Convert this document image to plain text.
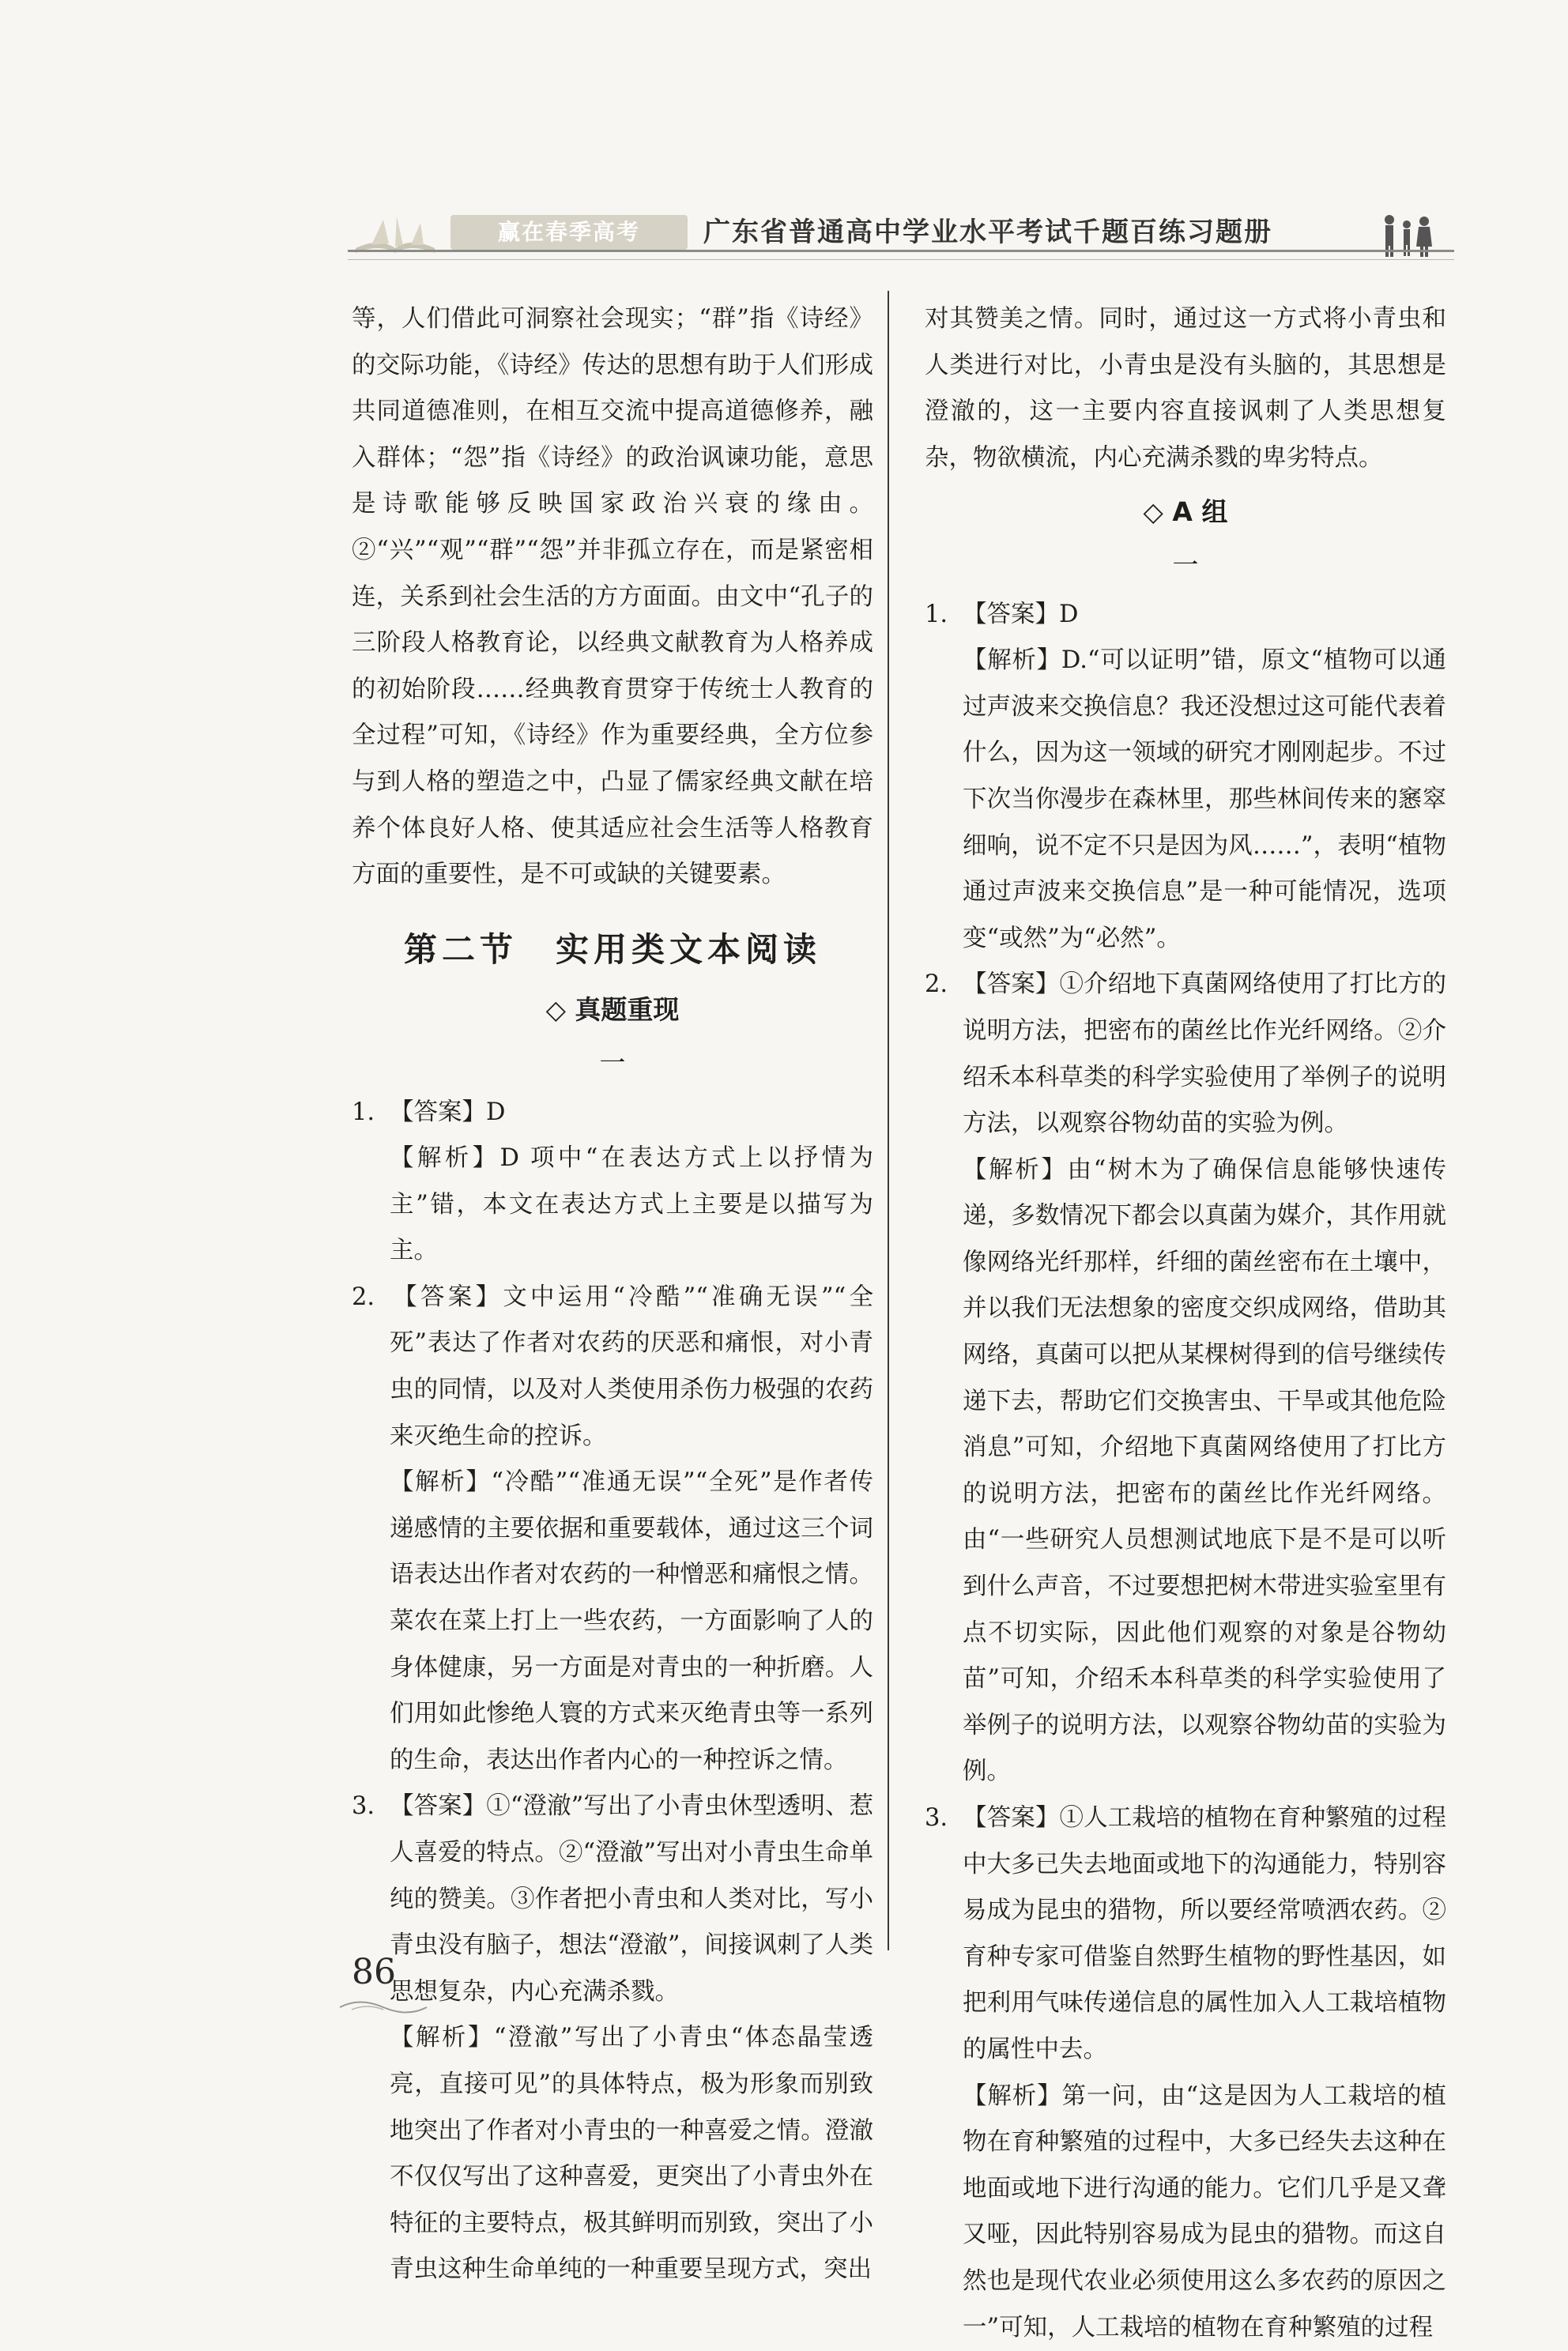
赢在春季高考	广东省普通高中学业水平考试千题百练习题册

等，人们借此可洞察社会现实；“群”指《诗经》的交际功能，《诗经》传达的思想有助于人们形成共同道德准则，在相互交流中提高道德修养，融入群体；“怨”指《诗经》的政治讽谏功能，意思是诗歌能够反映国家政治兴衰的缘由。②“兴”“观”“群”“怨”并非孤立存在，而是紧密相连，关系到社会生活的方方面面。由文中“孔子的三阶段人格教育论，以经典文献教育为人格养成的初始阶段……经典教育贯穿于传统士人教育的全过程”可知，《诗经》作为重要经典，全方位参与到人格的塑造之中，凸显了儒家经典文献在培养个体良好人格、使其适应社会生活等人格教育方面的重要性，是不可或缺的关键要素。

第二节　实用类文本阅读
◇ 真题重现
一

1. 【答案】D

【解析】D 项中“在表达方式上以抒情为主”错，本文在表达方式上主要是以描写为主。

2. 【答案】文中运用“冷酷”“准确无误”“全死”表达了作者对农药的厌恶和痛恨，对小青虫的同情，以及对人类使用杀伤力极强的农药来灭绝生命的控诉。

【解析】“冷酷”“准通无误”“全死”是作者传递感情的主要依据和重要载体，通过这三个词语表达出作者对农药的一种憎恶和痛恨之情。菜农在菜上打上一些农药，一方面影响了人的身体健康，另一方面是对青虫的一种折磨。人们用如此惨绝人寰的方式来灭绝青虫等一系列的生命，表达出作者内心的一种控诉之情。

3. 【答案】①“澄澈”写出了小青虫休型透明、惹人喜爱的特点。②“澄澈”写出对小青虫生命单纯的赞美。③作者把小青虫和人类对比，写小青虫没有脑子，想法“澄澈”，间接讽刺了人类思想复杂，内心充满杀戮。

【解析】“澄澈”写出了小青虫“体态晶莹透亮，直接可见”的具体特点，极为形象而别致地突出了作者对小青虫的一种喜爱之情。澄澈不仅仅写出了这种喜爱，更突出了小青虫外在特征的主要特点，极其鲜明而别致，突出了小青虫这种生命单纯的一种重要呈现方式，突出

对其赞美之情。同时，通过这一方式将小青虫和人类进行对比，小青虫是没有头脑的，其思想是澄澈的，这一主要内容直接讽刺了人类思想复杂，物欲横流，内心充满杀戮的卑劣特点。

◇ A 组
一

1. 【答案】D

【解析】D.“可以证明”错，原文“植物可以通过声波来交换信息？我还没想过这可能代表着什么，因为这一领域的研究才刚刚起步。不过下次当你漫步在森林里，那些林间传来的窸窣细响，说不定不只是因为风……”，表明“植物通过声波来交换信息”是一种可能情况，选项变“或然”为“必然”。

2. 【答案】①介绍地下真菌网络使用了打比方的说明方法，把密布的菌丝比作光纤网络。②介绍禾本科草类的科学实验使用了举例子的说明方法，以观察谷物幼苗的实验为例。

【解析】由“树木为了确保信息能够快速传递，多数情况下都会以真菌为媒介，其作用就像网络光纤那样，纤细的菌丝密布在土壤中，并以我们无法想象的密度交织成网络，借助其网络，真菌可以把从某棵树得到的信号继续传递下去，帮助它们交换害虫、干旱或其他危险消息”可知，介绍地下真菌网络使用了打比方的说明方法，把密布的菌丝比作光纤网络。由“一些研究人员想测试地底下是不是可以听到什么声音，不过要想把树木带进实验室里有点不切实际，因此他们观察的对象是谷物幼苗”可知，介绍禾本科草类的科学实验使用了举例子的说明方法，以观察谷物幼苗的实验为例。

3. 【答案】①人工栽培的植物在育种繁殖的过程中大多已失去地面或地下的沟通能力，特别容易成为昆虫的猎物，所以要经常喷洒农药。②育种专家可借鉴自然野生植物的野性基因，如把利用气味传递信息的属性加入人工栽培植物的属性中去。

【解析】第一问，由“这是因为人工栽培的植物在育种繁殖的过程中，大多已经失去这种在地面或地下进行沟通的能力。它们几乎是又聋又哑，因此特别容易成为昆虫的猎物。而这自然也是现代农业必须使用这么多农药的原因之一”可知，人工栽培的植物在育种繁殖的过程

86
